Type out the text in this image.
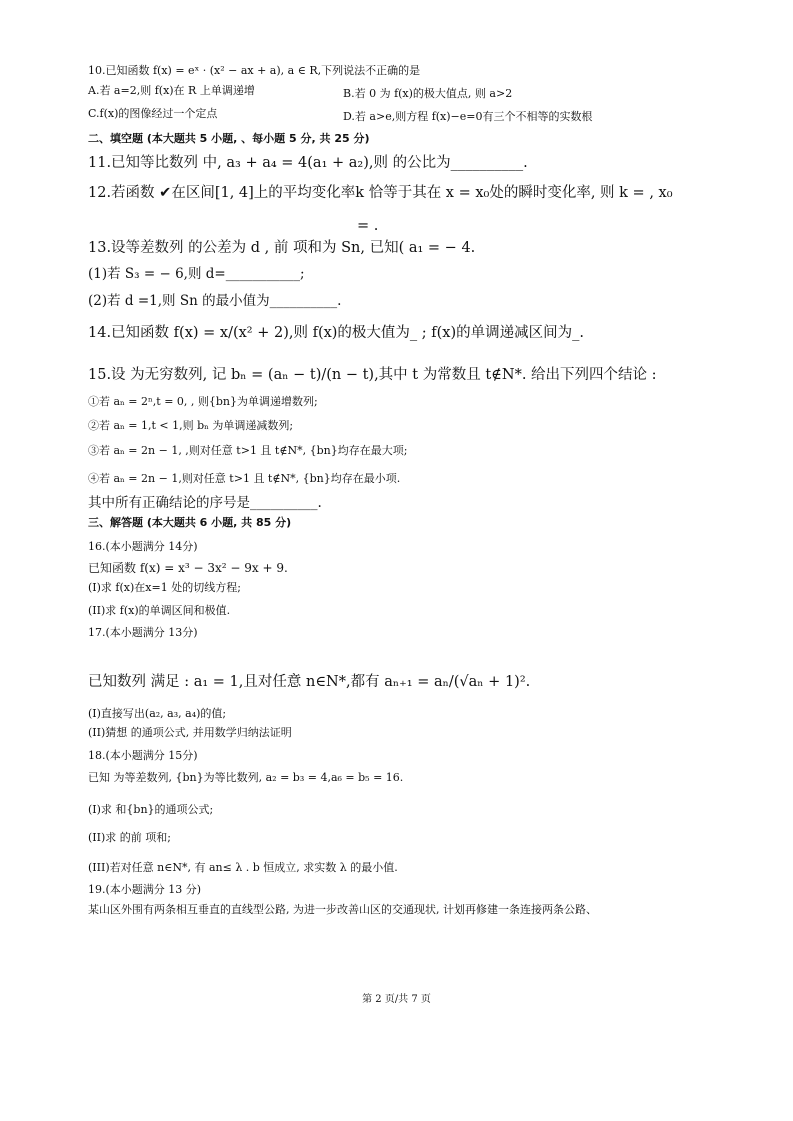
10.已知函数 f(x) = eˣ · (x² − ax + a), a ∈ R,下列说法不正确的是
A.若 a=2,则 f(x)在 R 上单调递增	B.若 0 为 f(x)的极大值点, 则 a>2
C.f(x)的图像经过一个定点	D.若 a>e,则方程 f(x)−e=0有三个不相等的实数根
二、填空题 (本大题共 5 小题, 、每小题 5 分, 共 25 分)
11.已知等比数列 中, a₃ + a₄ = 4(a₁ + a₂),则 的公比为__________.
12.若函数 ✔在区间[1, 4]上的平均变化率k 恰等于其在 x = x₀处的瞬时变化率, 则 k = , x₀
= .
13.设等差数列 的公差为 d , 前 项和为 Sn, 已知( a₁ = − 4.
(1)若 S₃ = − 6,则 d=___________;
(2)若 d =1,则 Sn 的最小值为__________.
14.已知函数 f(x) = x/(x² + 2),则 f(x)的极大值为_ ; f(x)的单调递减区间为_.
15.设 为无穷数列, 记 bₙ = (aₙ − t)/(n − t),其中 t 为常数且 t∉N*. 给出下列四个结论 :
①若 aₙ = 2ⁿ,t = 0, , 则{bn}为单调递增数列;
②若 aₙ = 1,t < 1,则 bₙ 为单调递减数列;
③若 aₙ = 2n − 1, ,则对任意 t>1 且 t∉N*, {bn}均存在最大项;
④若 aₙ = 2n − 1,则对任意 t>1 且 t∉N*, {bn}均存在最小项.
其中所有正确结论的序号是__________.
三、解答题 (本大题共 6 小题, 共 85 分)
16.(本小题满分 14分)
已知函数 f(x) = x³ − 3x² − 9x + 9.
(I)求 f(x)在x=1 处的切线方程;
(II)求 f(x)的单调区间和极值.
17.(本小题满分 13分)
已知数列 满足 : a₁ = 1,且对任意 n∈N*,都有 aₙ₊₁ = aₙ/(√aₙ + 1)².
(I)直接写出(a₂, a₃, a₄)的值;
(II)猜想 的通项公式, 并用数学归纳法证明
18.(本小题满分 15分)
已知 为等差数列, {bn}为等比数列, a₂ = b₃ = 4,a₆ = b₅ = 16.
(I)求 和{bn}的通项公式;
(II)求 的前 项和;
(III)若对任意 n∈N*, 有 an≤ λ . b 恒成立, 求实数 λ 的最小值.
19.(本小题满分 13 分)
某山区外围有两条相互垂直的直线型公路, 为进一步改善山区的交通现状, 计划再修建一条连接两条公路、
第 2 页/共 7 页
